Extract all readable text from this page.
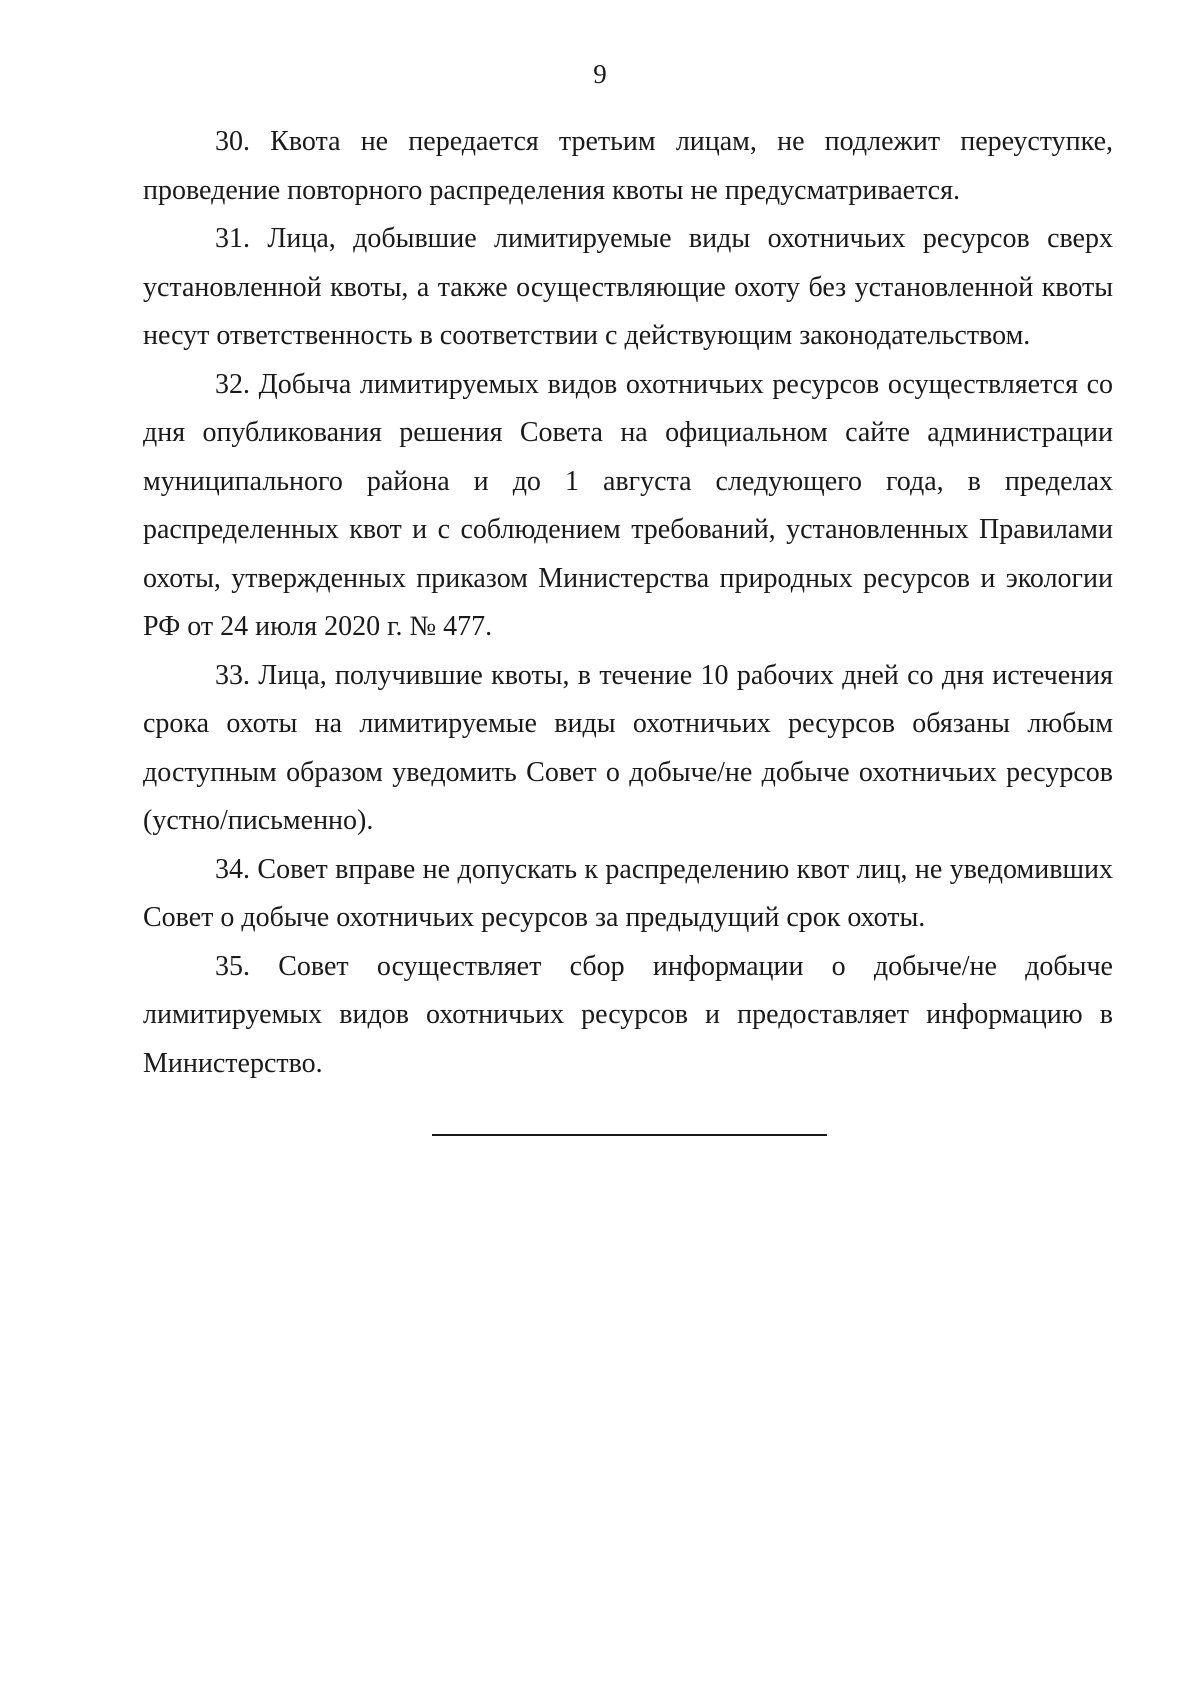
9

30. Квота не передается третьим лицам, не подлежит переуступке, проведение повторного распределения квоты не предусматривается.

31. Лица, добывшие лимитируемые виды охотничьих ресурсов сверх установленной квоты, а также осуществляющие охоту без установленной квоты несут ответственность в соответствии с действующим законодательством.

32. Добыча лимитируемых видов охотничьих ресурсов осуществляется со дня опубликования решения Совета на официальном сайте администрации муниципального района и до 1 августа следующего года, в пределах распределенных квот и с соблюдением требований, установленных Правилами охоты, утвержденных приказом Министерства природных ресурсов и экологии РФ от 24 июля 2020 г. № 477.

33. Лица, получившие квоты, в течение 10 рабочих дней со дня истечения срока охоты на лимитируемые виды охотничьих ресурсов обязаны любым доступным образом уведомить Совет о добыче/не добыче охотничьих ресурсов (устно/письменно).

34. Совет вправе не допускать к распределению квот лиц, не уведомивших Совет о добыче охотничьих ресурсов за предыдущий срок охоты.

35. Совет осуществляет сбор информации о добыче/не добыче лимитируемых видов охотничьих ресурсов и предоставляет информацию в Министерство.
